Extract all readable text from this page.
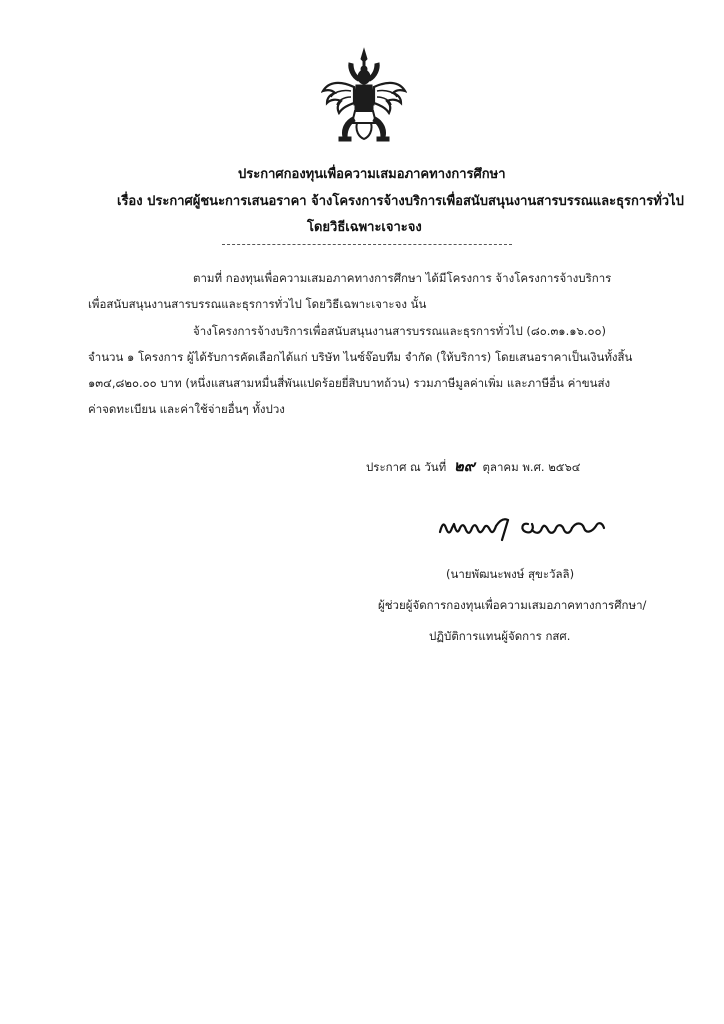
ประกาศกองทุนเพื่อความเสมอภาคทางการศึกษา
เรื่อง ประกาศผู้ชนะการเสนอราคา จ้างโครงการจ้างบริการเพื่อสนับสนุนงานสารบรรณและธุรการทั่วไป
โดยวิธีเฉพาะเจาะจง
ตามที่ กองทุนเพื่อความเสมอภาคทางการศึกษา ได้มีโครงการ จ้างโครงการจ้างบริการ
เพื่อสนับสนุนงานสารบรรณและธุรการทั่วไป โดยวิธีเฉพาะเจาะจง นั้น
จ้างโครงการจ้างบริการเพื่อสนับสนุนงานสารบรรณและธุรการทั่วไป (๘๐.๓๑.๑๖.๐๐)
จำนวน ๑ โครงการ ผู้ได้รับการคัดเลือกได้แก่ บริษัท ไนซ์จ๊อบทีม จำกัด (ให้บริการ) โดยเสนอราคาเป็นเงินทั้งสิ้น
๑๓๔,๘๒๐.๐๐ บาท (หนึ่งแสนสามหมื่นสี่พันแปดร้อยยี่สิบบาทถ้วน) รวมภาษีมูลค่าเพิ่ม และภาษีอื่น ค่าขนส่ง
ค่าจดทะเบียน และค่าใช้จ่ายอื่นๆ ทั้งปวง
ประกาศ ณ วันที่ ๒๙ ตุลาคม พ.ศ. ๒๕๖๔
(นายพัฒนะพงษ์ สุขะวัลลิ)
ผู้ช่วยผู้จัดการกองทุนเพื่อความเสมอภาคทางการศึกษา/
ปฏิบัติการแทนผู้จัดการ กสศ.
